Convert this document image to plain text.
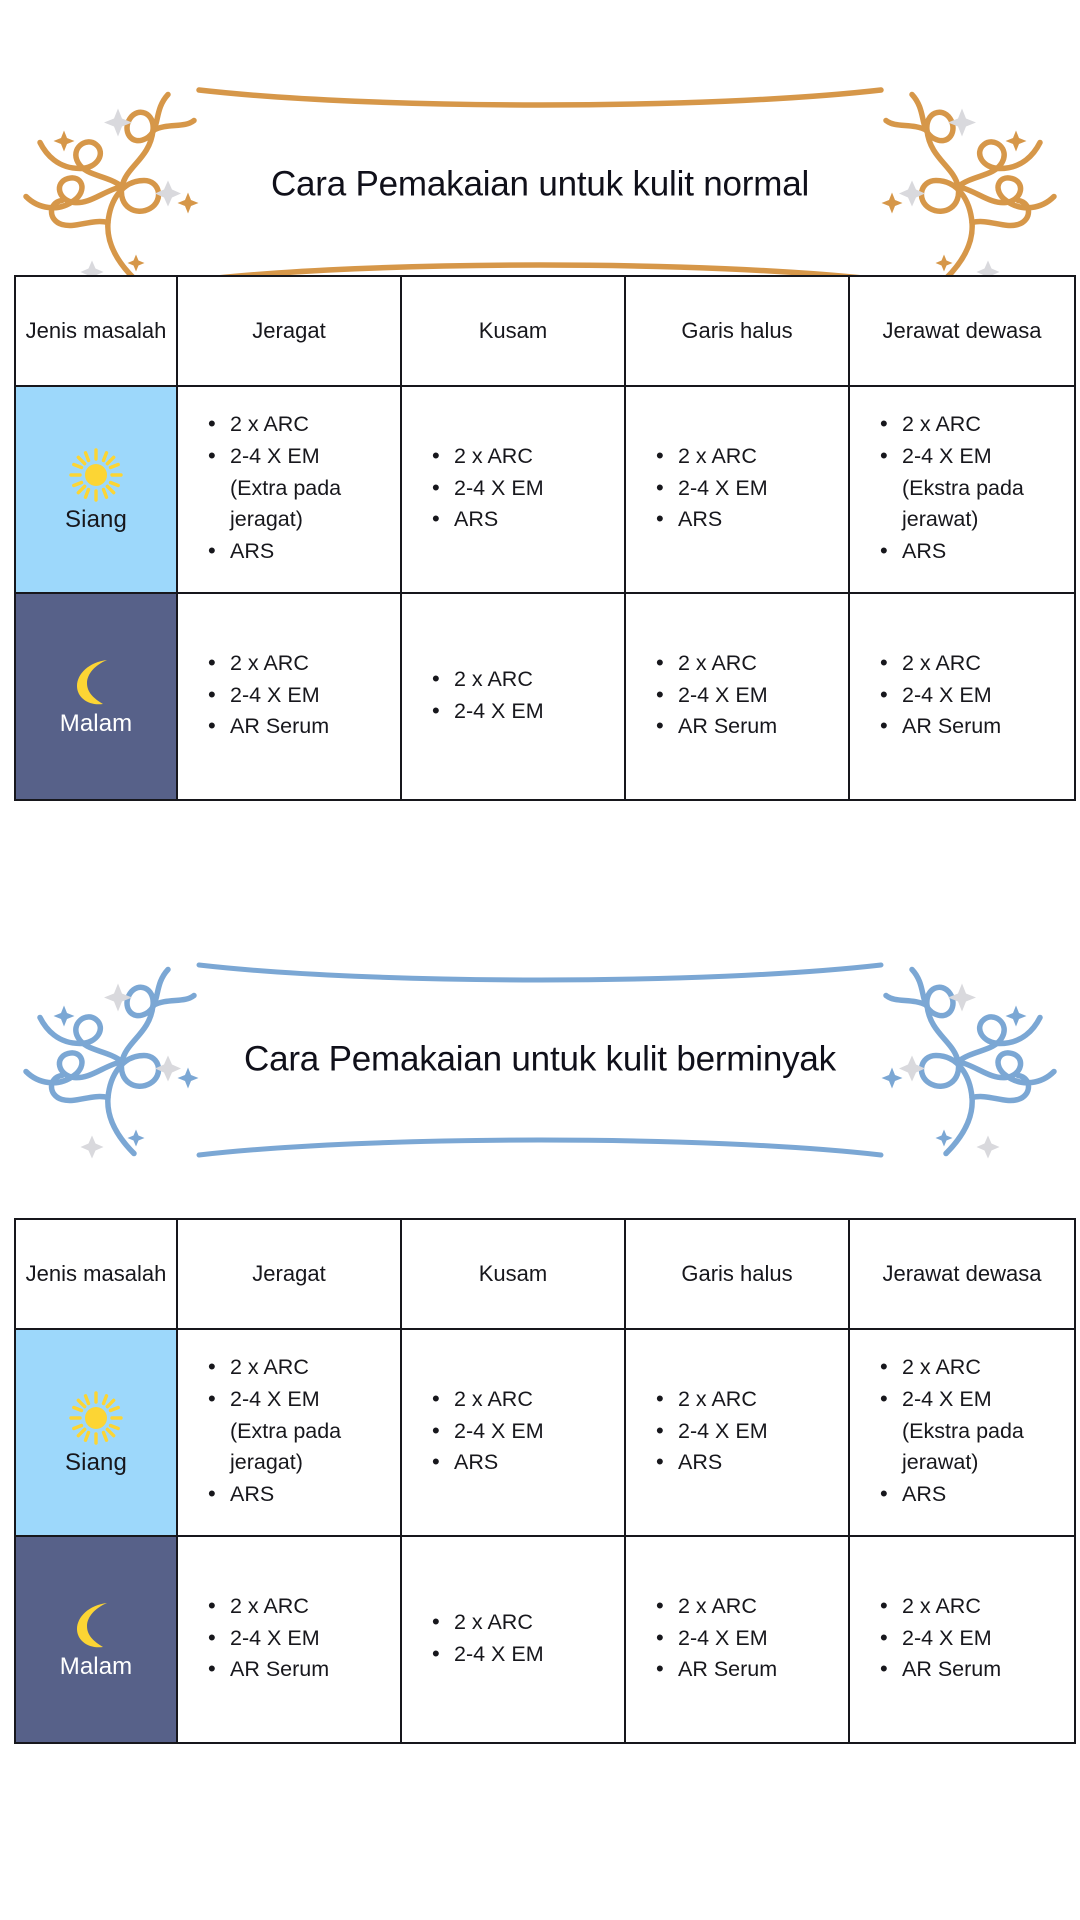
Cara Pemakaian untuk kulit normal
Jenis masalah	Jeragat	Kusam	Garis halus	Jerawat dewasa

Siang

• 2 x ARC
• 2-4 X EM
(Extra pada
jeragat)
• ARS

• 2 x ARC
• 2-4 X EM
• ARS

• 2 x ARC
• 2-4 X EM
• ARS

• 2 x ARC
• 2-4 X EM
(Ekstra pada
jerawat)
• ARS

Malam

• 2 x ARC
• 2-4 X EM
• AR Serum

• 2 x ARC
• 2-4 X EM

• 2 x ARC
• 2-4 X EM
• AR Serum

• 2 x ARC
• 2-4 X EM
• AR Serum
Cara Pemakaian untuk kulit berminyak
Jenis masalah	Jeragat	Kusam	Garis halus	Jerawat dewasa

Siang

• 2 x ARC
• 2-4 X EM
(Extra pada
jeragat)
• ARS

• 2 x ARC
• 2-4 X EM
• ARS

• 2 x ARC
• 2-4 X EM
• ARS

• 2 x ARC
• 2-4 X EM
(Ekstra pada
jerawat)
• ARS

Malam

• 2 x ARC
• 2-4 X EM
• AR Serum

• 2 x ARC
• 2-4 X EM

• 2 x ARC
• 2-4 X EM
• AR Serum

• 2 x ARC
• 2-4 X EM
• AR Serum
